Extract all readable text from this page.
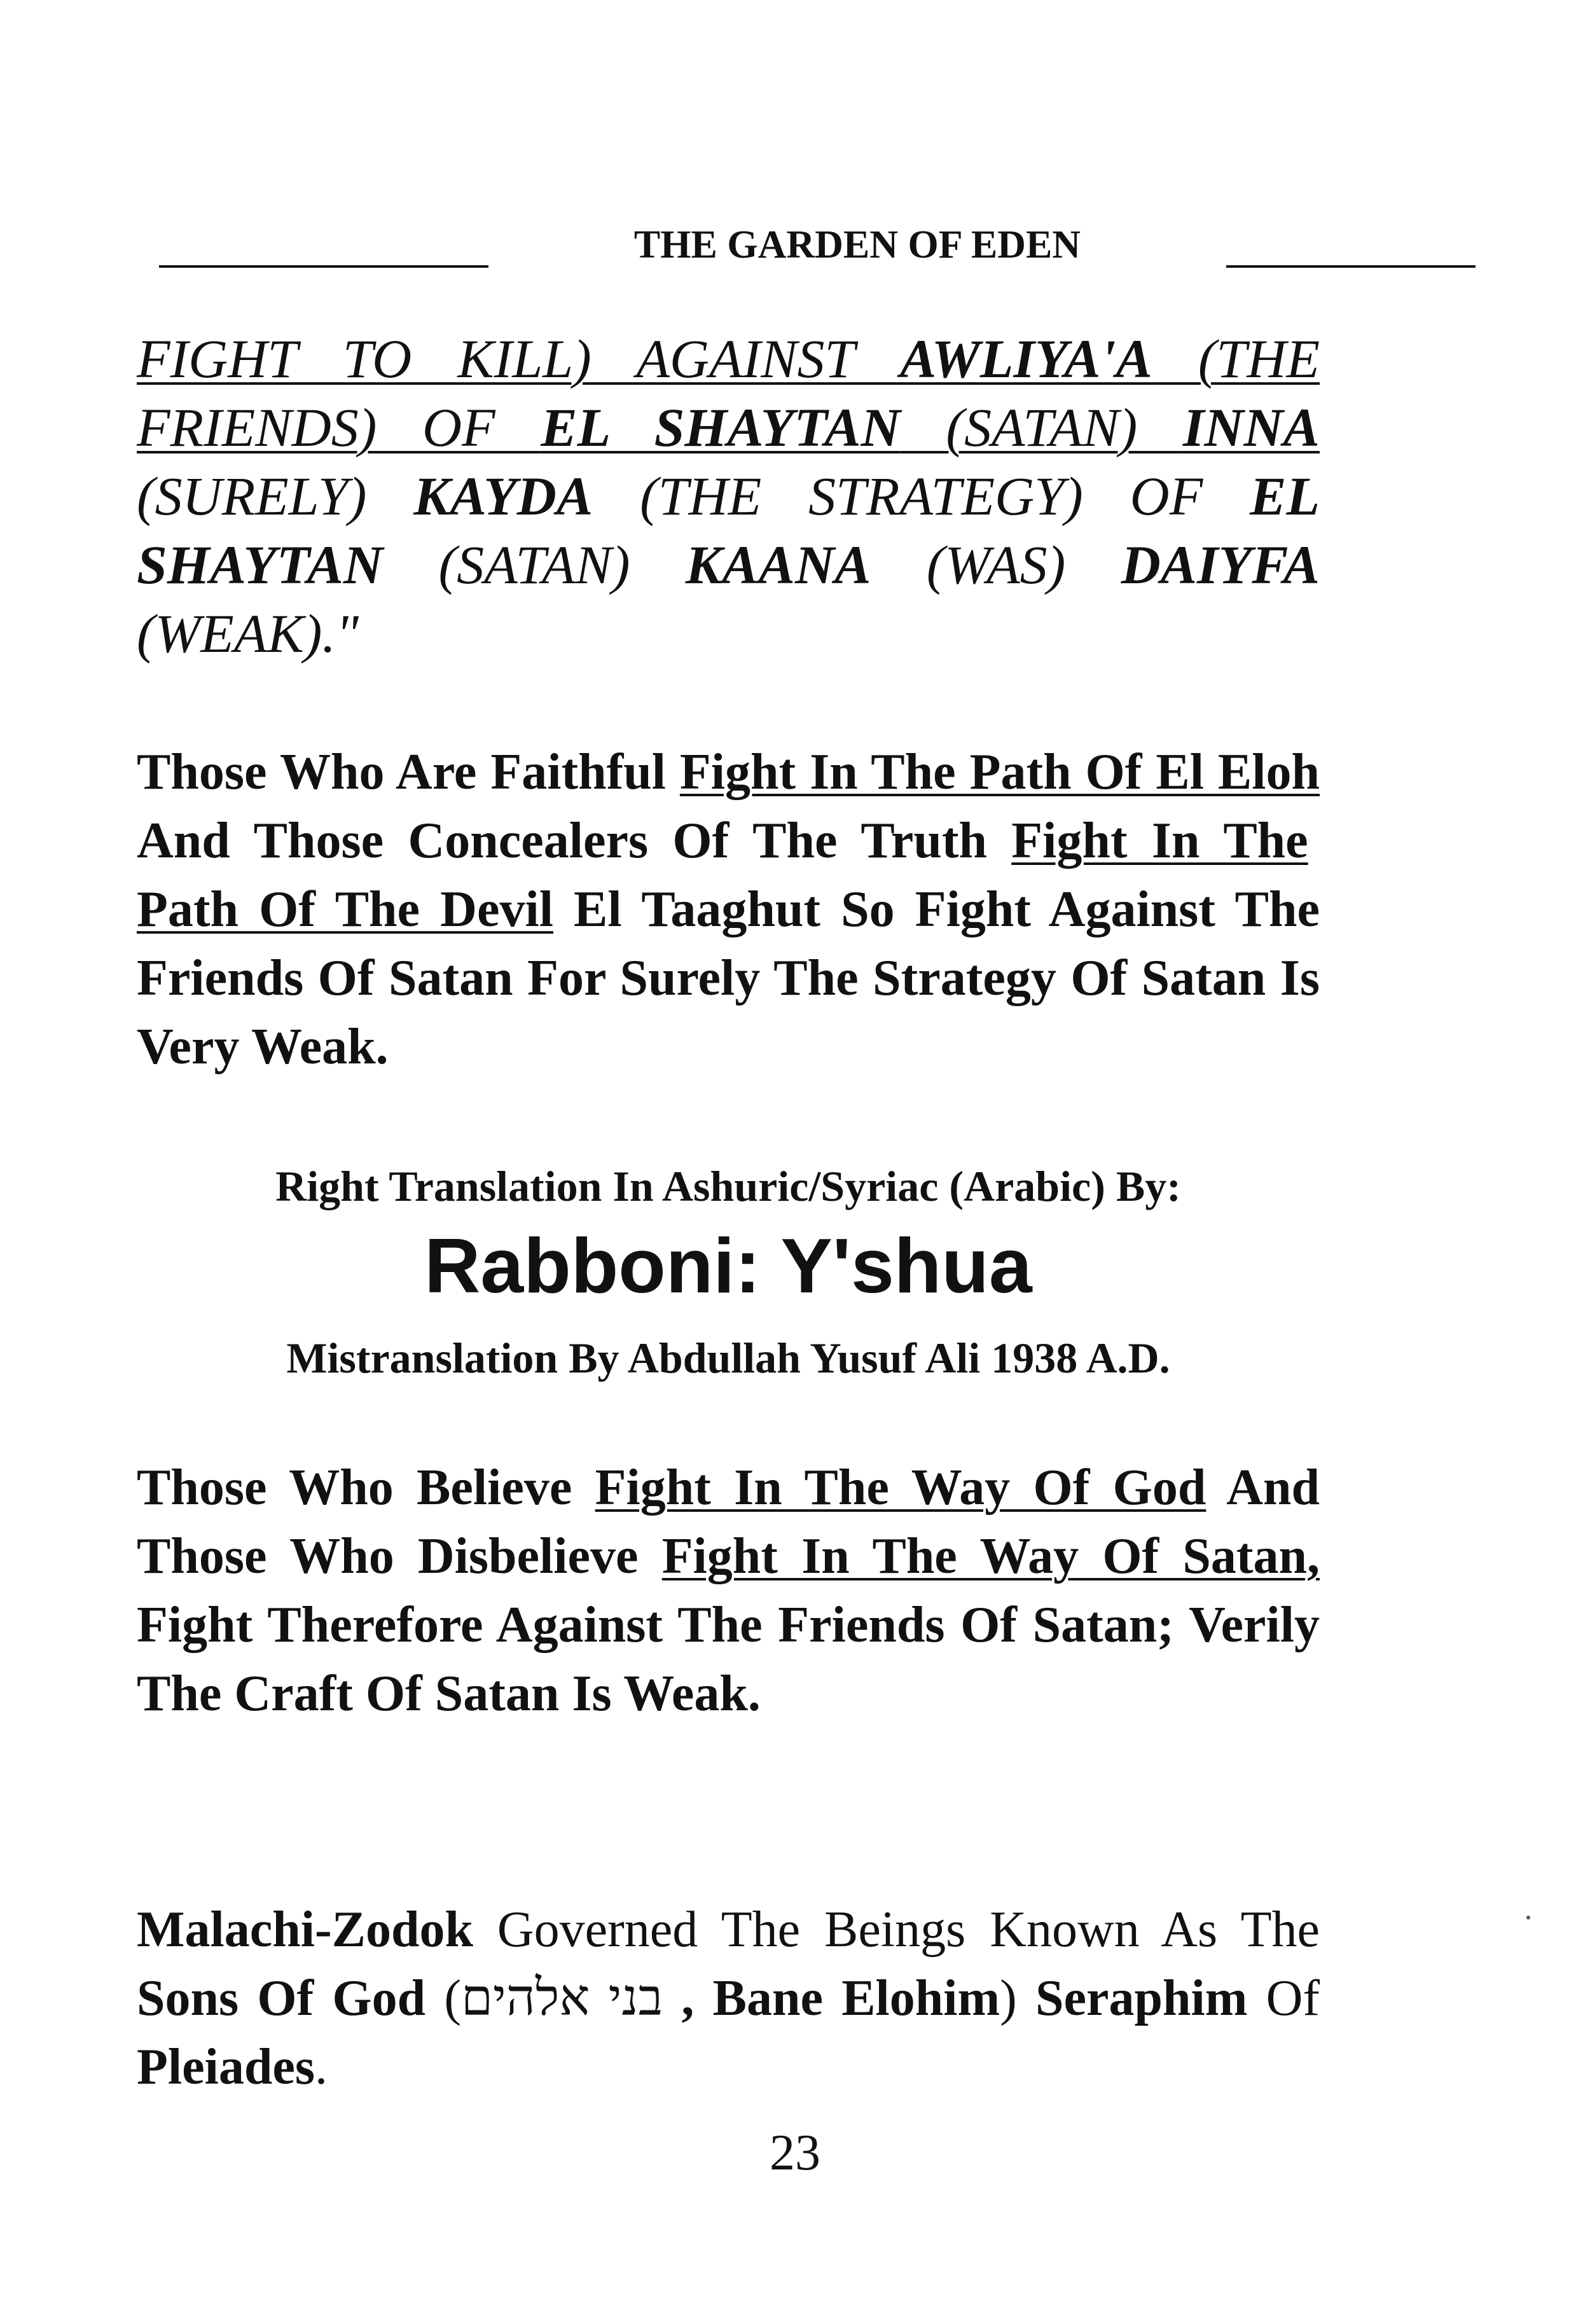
THE GARDEN OF EDEN
FIGHT TO KILL) AGAINST AWLIYA'A (THE FRIENDS) OF EL SHAYTAN (SATAN) INNA (SURELY) KAYDA (THE STRATEGY) OF EL SHAYTAN (SATAN) KAANA (WAS) DAIYFA (WEAK)."
Those Who Are Faithful Fight In The Path Of El Eloh And Those Concealers Of The Truth Fight In The Path Of The Devil El Taaghut So Fight Against The Friends Of Satan For Surely The Strategy Of Satan Is Very Weak.
Right Translation In Ashuric/Syriac (Arabic) By:
Rabboni: Y'shua
Mistranslation By Abdullah Yusuf Ali 1938 A.D.
Those Who Believe Fight In The Way Of God And Those Who Disbelieve Fight In The Way Of Satan, Fight Therefore Against The Friends Of Satan; Verily The Craft Of Satan Is Weak.
Malachi-Zodok Governed The Beings Known As The Sons Of God (בני אלהים , Bane Elohim) Seraphim Of Pleiades.
23
